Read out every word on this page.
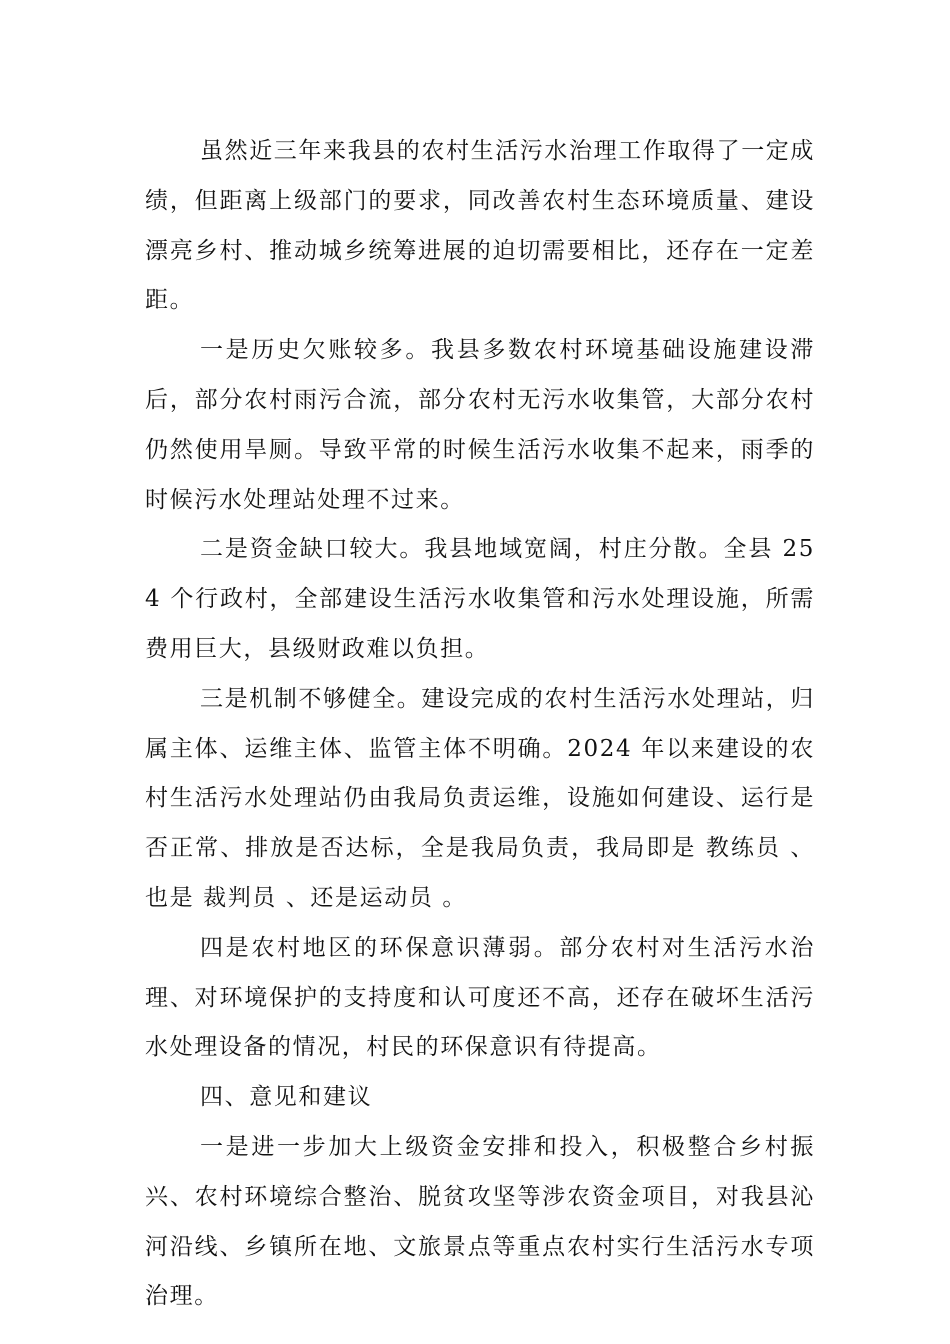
虽然近三年来我县的农村生活污水治理工作取得了一定成绩，但距离上级部门的要求，同改善农村生态环境质量、建设漂亮乡村、推动城乡统筹进展的迫切需要相比，还存在一定差距。

一是历史欠账较多。我县多数农村环境基础设施建设滞后，部分农村雨污合流，部分农村无污水收集管，大部分农村仍然使用旱厕。导致平常的时候生活污水收集不起来，雨季的时候污水处理站处理不过来。

二是资金缺口较大。我县地域宽阔，村庄分散。全县 254 个行政村，全部建设生活污水收集管和污水处理设施，所需费用巨大，县级财政难以负担。

三是机制不够健全。建设完成的农村生活污水处理站，归属主体、运维主体、监管主体不明确。2024 年以来建设的农村生活污水处理站仍由我局负责运维，设施如何建设、运行是否正常、排放是否达标，全是我局负责，我局即是 教练员 、也是 裁判员 、还是运动员 。

四是农村地区的环保意识薄弱。部分农村对生活污水治理、对环境保护的支持度和认可度还不高，还存在破坏生活污水处理设备的情况，村民的环保意识有待提高。

四、意见和建议

一是进一步加大上级资金安排和投入，积极整合乡村振兴、农村环境综合整治、脱贫攻坚等涉农资金项目，对我县沁河沿线、乡镇所在地、文旅景点等重点农村实行生活污水专项治理。
